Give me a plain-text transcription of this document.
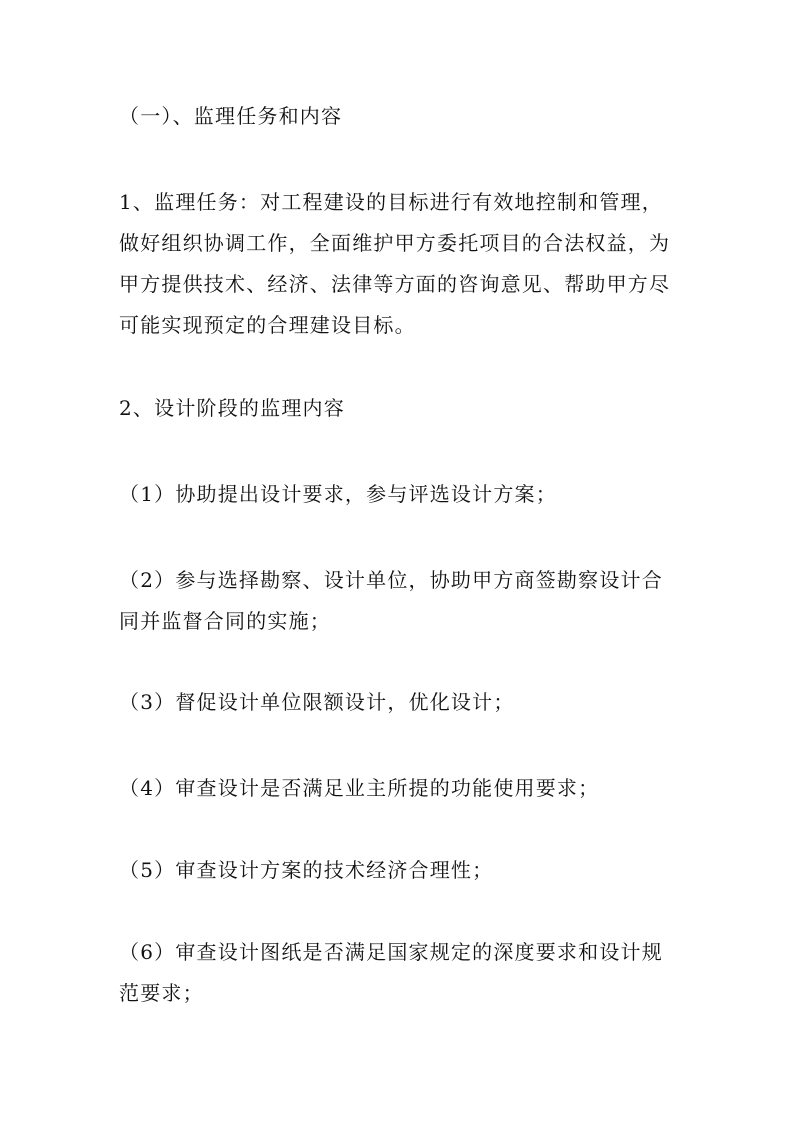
（一）、监理任务和内容

1、监理任务：对工程建设的目标进行有效地控制和管理，做好组织协调工作，全面维护甲方委托项目的合法权益，为甲方提供技术、经济、法律等方面的咨询意见、帮助甲方尽可能实现预定的合理建设目标。

2、设计阶段的监理内容

（1）协助提出设计要求，参与评选设计方案；

（2）参与选择勘察、设计单位，协助甲方商签勘察设计合同并监督合同的实施；

（3）督促设计单位限额设计，优化设计；

（4）审查设计是否满足业主所提的功能使用要求；

（5）审查设计方案的技术经济合理性；

（6）审查设计图纸是否满足国家规定的深度要求和设计规范要求；
